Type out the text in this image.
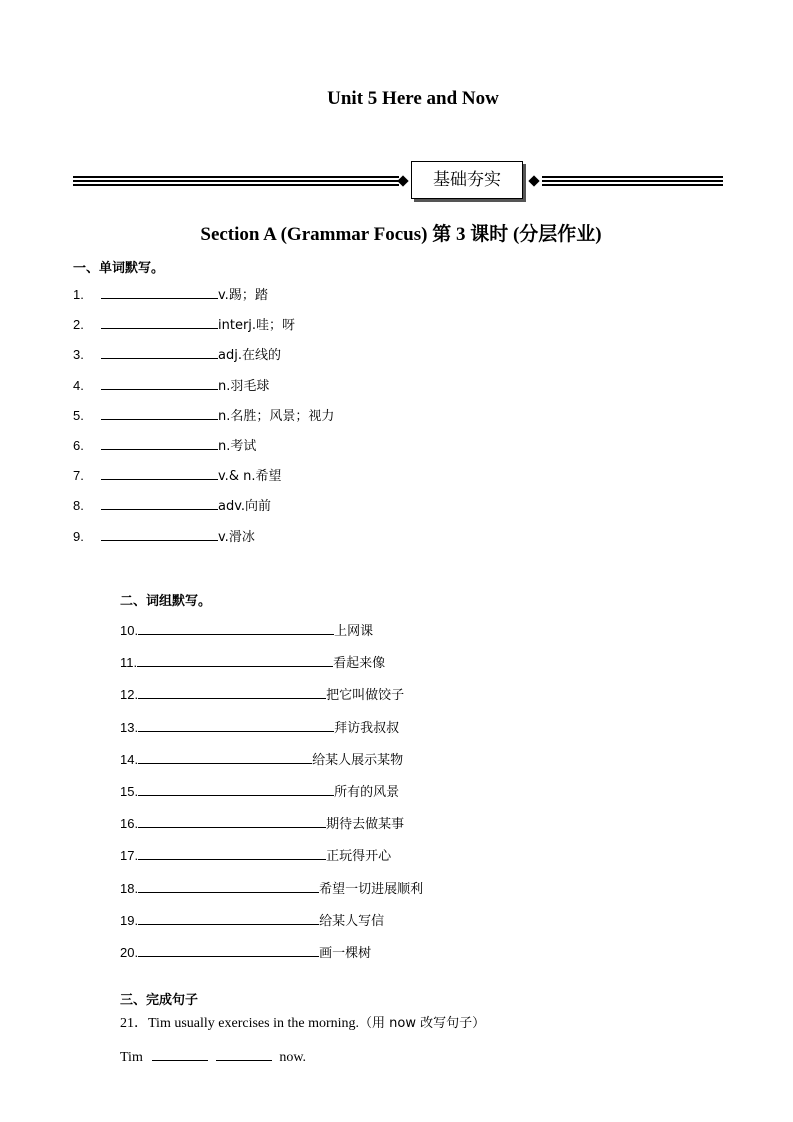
Unit 5 Here and Now
基础夯实
Section A (Grammar Focus) 第 3 课时 (分层作业)
一、单词默写。
1.	v.踢；踏
2.	interj.哇；呀
3.	adj.在线的
4.	n.羽毛球
5.	n.名胜；风景；视力
6.	n.考试
7.	v.& n.希望
8.	adv.向前
9.	v.滑冰
二、词组默写。
10.	上网课
11.	看起来像
12.	把它叫做饺子
13.	拜访我叔叔
14.	给某人展示某物
15.	所有的风景
16.	期待去做某事
17.	正玩得开心
18.	希望一切进展顺利
19.	给某人写信
20.	画一棵树
三、完成句子
21．Tim usually exercises in the morning.（用 now 改写句子）
Tim	now.
